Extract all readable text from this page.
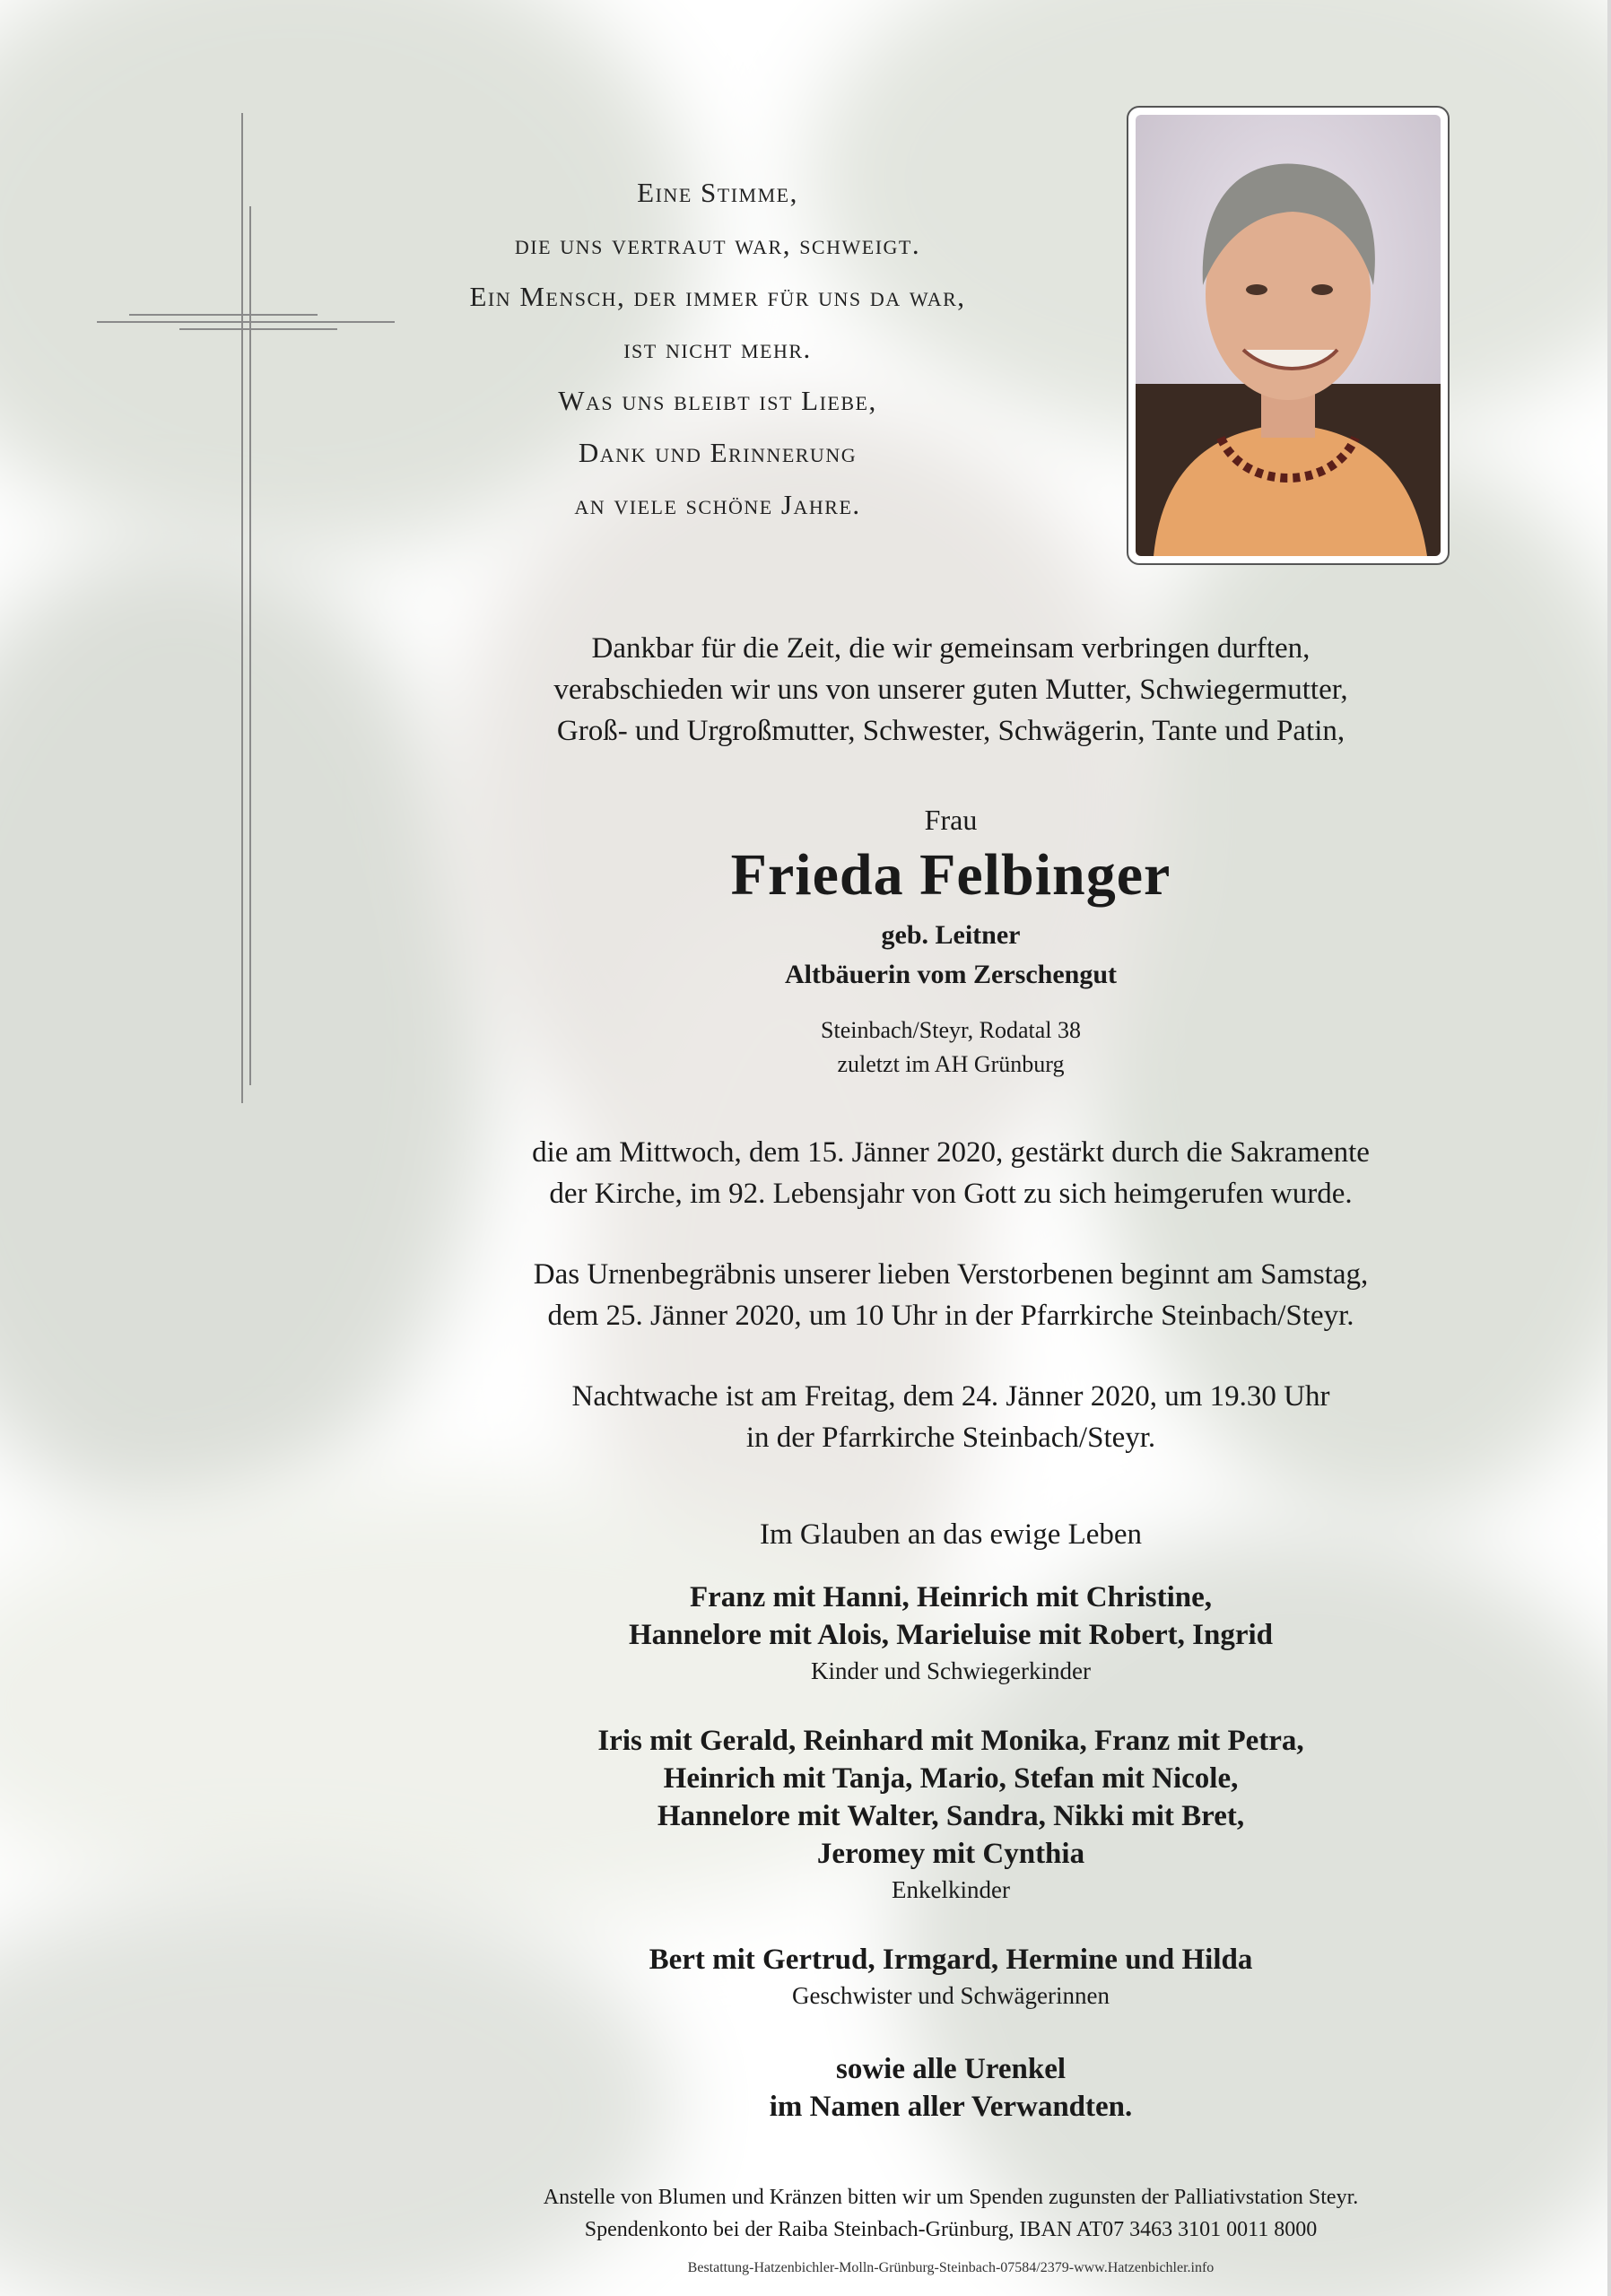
Eine Stimme,
die uns vertraut war, schweigt.
Ein Mensch, der immer für uns da war,
ist nicht mehr.
Was uns bleibt ist Liebe,
Dank und Erinnerung
an viele schöne Jahre.
Dankbar für die Zeit, die wir gemeinsam verbringen durften,
verabschieden wir uns von unserer guten Mutter, Schwiegermutter,
Groß- und Urgroßmutter, Schwester, Schwägerin, Tante und Patin,
Frau
Frieda Felbinger
geb. Leitner
Altbäuerin vom Zerschengut
Steinbach/Steyr, Rodatal 38
zuletzt im AH Grünburg
die am Mittwoch, dem 15. Jänner 2020, gestärkt durch die Sakramente
der Kirche, im 92. Lebensjahr von Gott zu sich heimgerufen wurde.
Das Urnenbegräbnis unserer lieben Verstorbenen beginnt am Samstag,
dem 25. Jänner 2020, um 10 Uhr in der Pfarrkirche Steinbach/Steyr.
Nachtwache ist am Freitag, dem 24. Jänner 2020, um 19.30 Uhr
in der Pfarrkirche Steinbach/Steyr.
Im Glauben an das ewige Leben
Franz mit Hanni, Heinrich mit Christine,
Hannelore mit Alois, Marieluise mit Robert, Ingrid
Kinder und Schwiegerkinder
Iris mit Gerald, Reinhard mit Monika, Franz mit Petra,
Heinrich mit Tanja, Mario, Stefan mit Nicole,
Hannelore mit Walter, Sandra, Nikki mit Bret,
Jeromey mit Cynthia
Enkelkinder
Bert mit Gertrud, Irmgard, Hermine und Hilda
Geschwister und Schwägerinnen
sowie alle Urenkel
im Namen aller Verwandten.
Anstelle von Blumen und Kränzen bitten wir um Spenden zugunsten der Palliativstation Steyr.
Spendenkonto bei der Raiba Steinbach-Grünburg, IBAN AT07 3463 3101 0011 8000
Bestattung-Hatzenbichler-Molln-Grünburg-Steinbach-07584/2379-www.Hatzenbichler.info
